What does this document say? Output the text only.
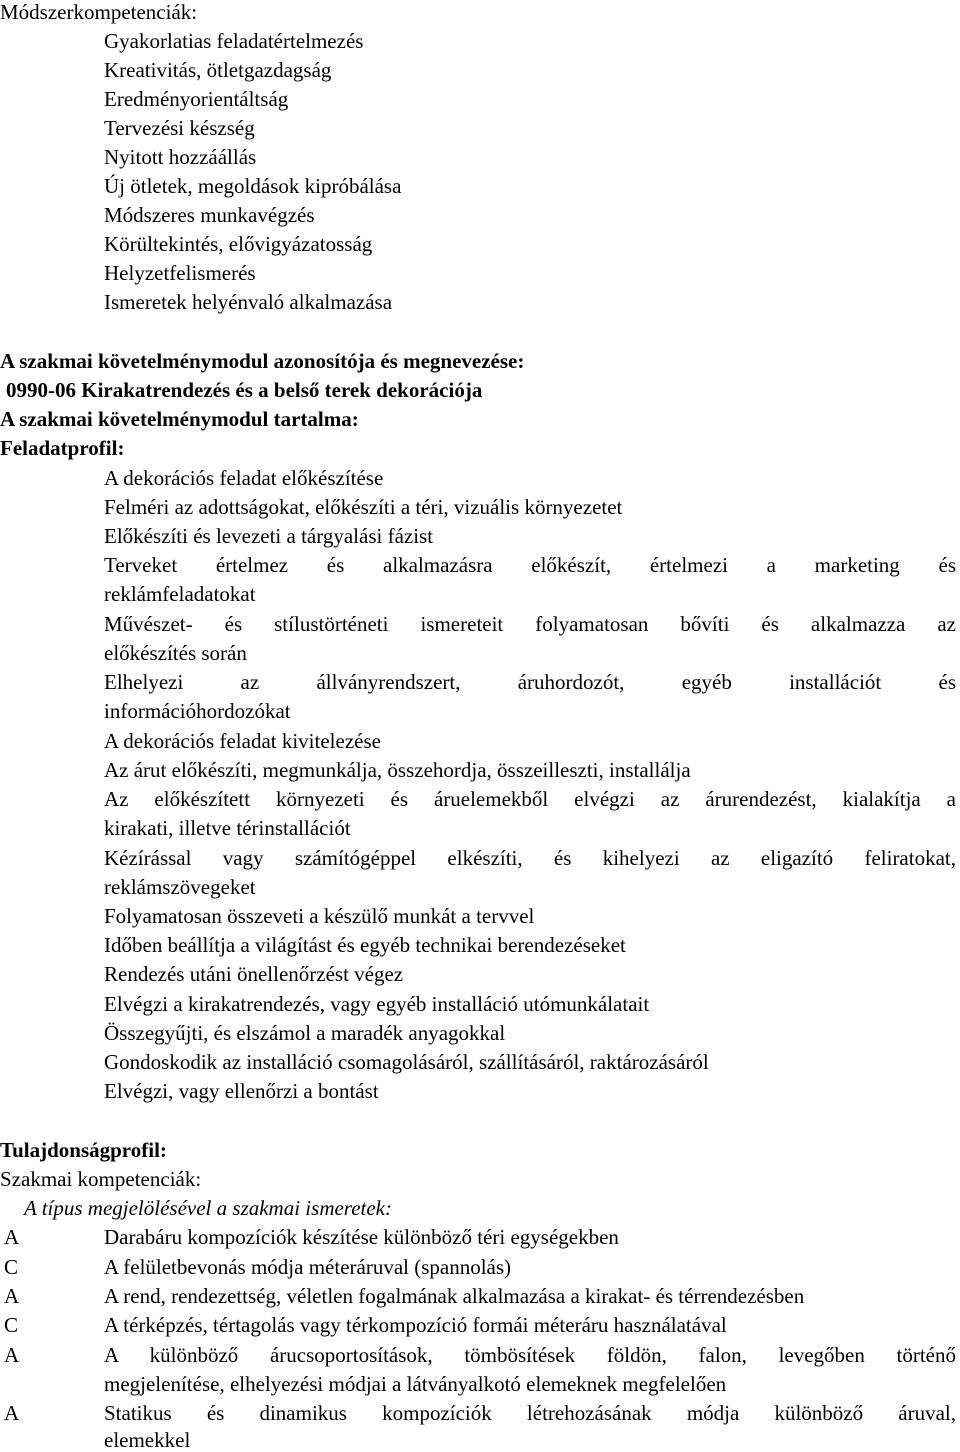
Módszerkompetenciák:
Gyakorlatias feladatértelmezés
Kreativitás, ötletgazdagság
Eredményorientáltság
Tervezési készség
Nyitott hozzáállás
Új ötletek, megoldások kipróbálása
Módszeres munkavégzés
Körültekintés, elővigyázatosság
Helyzetfelismerés
Ismeretek helyénvaló alkalmazása
A szakmai követelménymodul azonosítója és megnevezése:
0990-06 Kirakatrendezés és a belső terek dekorációja
A szakmai követelménymodul tartalma:
Feladatprofil:
A dekorációs feladat előkészítése
Felméri az adottságokat, előkészíti a téri, vizuális környezetet
Előkészíti és levezeti a tárgyalási fázist
Terveket értelmez és alkalmazásra előkészít, értelmezi a marketing és
reklámfeladatokat
Művészet- és stílustörténeti ismereteit folyamatosan bővíti és alkalmazza az
előkészítés során
Elhelyezi az állványrendszert, áruhordozót, egyéb installációt és
információhordozókat
A dekorációs feladat kivitelezése
Az árut előkészíti, megmunkálja, összehordja, összeilleszti, installálja
Az előkészített környezeti és áruelemekből elvégzi az árurendezést, kialakítja a
kirakati, illetve térinstallációt
Kézírással vagy számítógéppel elkészíti, és kihelyezi az eligazító feliratokat,
reklámszövegeket
Folyamatosan összeveti a készülő munkát a tervvel
Időben beállítja a világítást és egyéb technikai berendezéseket
Rendezés utáni önellenőrzést végez
Elvégzi a kirakatrendezés, vagy egyéb installáció utómunkálatait
Összegyűjti, és elszámol a maradék anyagokkal
Gondoskodik az installáció csomagolásáról, szállításáról, raktározásáról
Elvégzi, vagy ellenőrzi a bontást
Tulajdonságprofil:
Szakmai kompetenciák:
A típus megjelölésével a szakmai ismeretek:
A	Darabáru kompozíciók készítése különböző téri egységekben
C	A felületbevonás módja méteráruval (spannolás)
A	A rend, rendezettség, véletlen fogalmának alkalmazása a kirakat- és térrendezésben
C	A térképzés, tértagolás vagy térkompozíció formái méteráru használatával
A	A különböző árucsoportosítások, tömbösítések földön, falon, levegőben történő
megjelenítése, elhelyezési módjai a látványalkotó elemeknek megfelelően
A	Statikus és dinamikus kompozíciók létrehozásának módja különböző áruval,
elemekkel
